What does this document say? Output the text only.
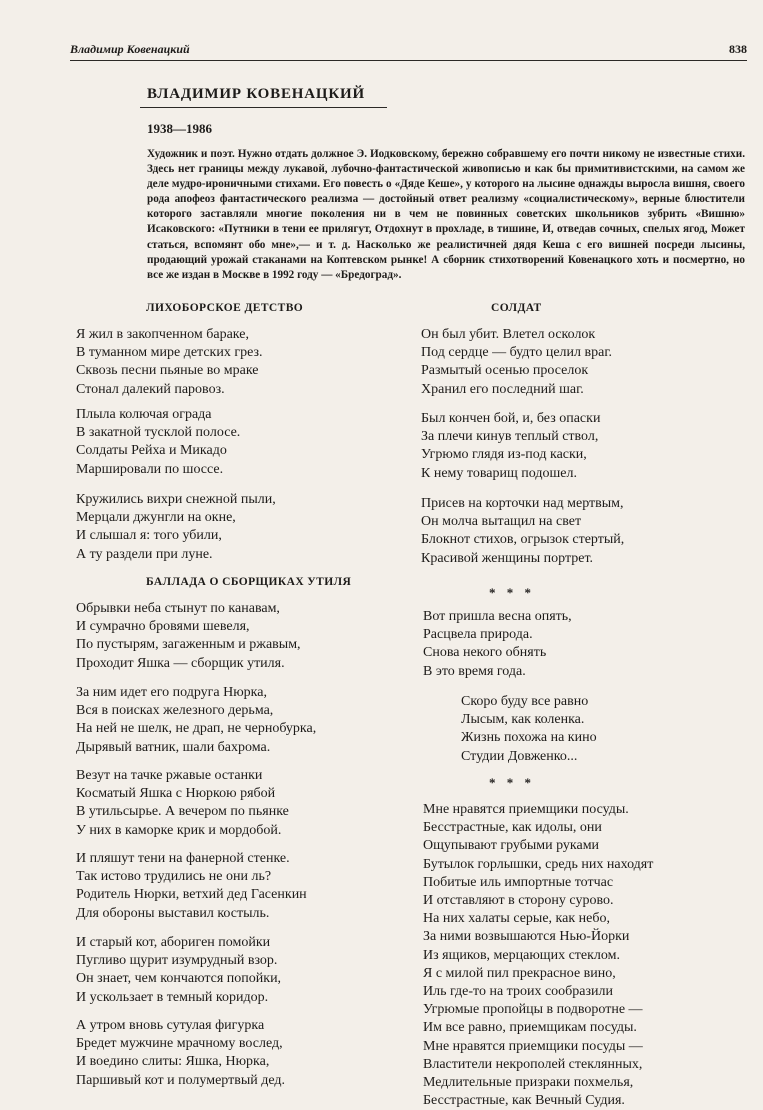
Владимир Ковенацкий	838
ВЛАДИМИР КОВЕНАЦКИЙ
1938—1986
Художник и поэт. Нужно отдать должное Э. Иодковскому, бережно собравшему его почти никому не известные стихи. Здесь нет границы между лукавой, лубочно-фантастической живописью и как бы примитивистскими, на самом же деле мудро-ироничными стихами. Его повесть о «Дяде Кеше», у которого на лысине однажды выросла вишня, своего рода апофеоз фантастического реализма — достойный ответ реализму «социалистическому», верные блюстители которого заставляли многие поколения ни в чем не повинных советских школьников зубрить «Вишню» Исаковского: «Путники в тени ее прилягут, Отдохнут в прохладе, в тишине, И, отведав сочных, спелых ягод, Может статься, вспомянт обо мне»,— и т. д. Насколько же реалистичней дядя Кеша с его вишней посреди лысины, продающий урожай стаканами на Коптевском рынке! А сборник стихотворений Ковенацкого хоть и посмертно, но все же издан в Москве в 1992 году — «Бредоград».
ЛИХОБОРСКОЕ ДЕТСТВО
Я жил в закопченном бараке,
В туманном мире детских грез.
Сквозь песни пьяные во мраке
Стонал далекий паровоз.
Плыла колючая ограда
В закатной тусклой полосе.
Солдаты Рейха и Микадо
Маршировали по шоссе.
Кружились вихри снежной пыли,
Мерцали джунгли на окне,
И слышал я: того убили,
А ту раздели при луне.
БАЛЛАДА О СБОРЩИКАХ УТИЛЯ
Обрывки неба стынут по канавам,
И сумрачно бровями шевеля,
По пустырям, загаженным и ржавым,
Проходит Яшка — сборщик утиля.
За ним идет его подруга Нюрка,
Вся в поисках железного дерьма,
На ней не шелк, не драп, не чернобурка,
Дырявый ватник, шали бахрома.
Везут на тачке ржавые останки
Косматый Яшка с Нюркою рябой
В утильсырье. А вечером по пьянке
У них в каморке крик и мордобой.
И пляшут тени на фанерной стенке.
Так истово трудились не они ль?
Родитель Нюрки, ветхий дед Гасенкин
Для обороны выставил костыль.
И старый кот, абориген помойки
Пугливо щурит изумрудный взор.
Он знает, чем кончаются попойки,
И ускользает в темный коридор.
А утром вновь сутулая фигурка
Бредет мужчине мрачному вослед,
И воедино слиты: Яшка, Нюрка,
Паршивый кот и полумертвый дед.
СОЛДАТ
Он был убит. Влетел осколок
Под сердце — будто целил враг.
Размытый осенью проселок
Хранил его последний шаг.
Был кончен бой, и, без опаски
За плечи кинув теплый ствол,
Угрюмо глядя из-под каски,
К нему товарищ подошел.
Присев на корточки над мертвым,
Он молча вытащил на свет
Блокнот стихов, огрызок стертый,
Красивой женщины портрет.
* * *
Вот пришла весна опять,
Расцвела природа.
Снова некого обнять
В это время года.
Скоро буду все равно
Лысым, как коленка.
Жизнь похожа на кино
Студии Довженко...
* * *
Мне нравятся приемщики посуды.
Бесстрастные, как идолы, они
Ощупывают грубыми руками
Бутылок горлышки, средь них находят
Побитые иль импортные тотчас
И отставляют в сторону сурово.
На них халаты серые, как небо,
За ними возвышаются Нью-Йорки
Из ящиков, мерцающих стеклом.
Я с милой пил прекрасное вино,
Иль где-то на троих сообразили
Угрюмые пропойцы в подворотне —
Им все равно, приемщикам посуды.
Мне нравятся приемщики посуды —
Властители некрополей стеклянных,
Медлительные призраки похмелья,
Бесстрастные, как Вечный Судия.
